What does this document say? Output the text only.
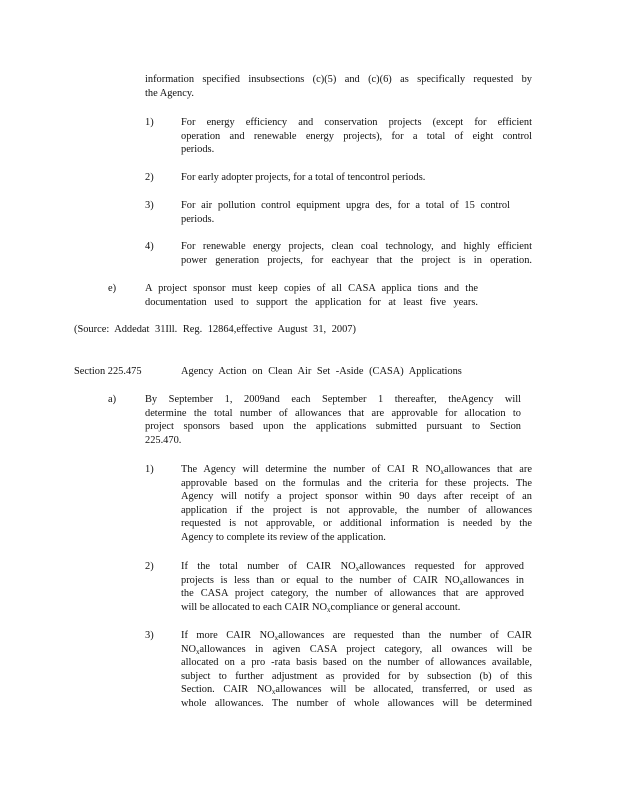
information specified insubsections (c)(5) and (c)(6) as specifically requested by
the Agency.
1)	For energy efficiency and conservation projects (except for efficient
operation and renewable energy projects), for a total of eight control
periods.
2)	For early adopter projects, for a total of tencontrol periods.
3)	For air pollution control equipment upgra des, for a total of 15 control
periods.
4)	For renewable energy projects, clean coal technology, and highly efficient
power generation projects, for eachyear that the project is in operation.
e)	A project sponsor must keep copies of all CASA applica tions and the
documentation used to support the application for at least five years.
(Source: Addedat 31Ill. Reg. 12864,effective August 31, 2007)
Section 225.475	Agency Action on Clean Air Set -Aside (CASA) Applications
a)	By September 1, 2009and each September 1 thereafter, theAgency will
determine the total number of allowances that are approvable for allocation to
project sponsors based upon the applications submitted pursuant to Section
225.470.
1)	The Agency will determine the number of CAI R $NO_xallowances$ that are
approvable based on the formulas and the criteria for these projects. The
Agency will notify a project sponsor within 90 days after receipt of an
application if the project is not approvable, the number of allowances
requested is not approvable, or additional information is needed by the
Agency to complete its review of the application.
2)	If the total number of CAIR $NO_xallowances$ requested for approved
projects is less than or equal to the number of CAIR $NO_xallowances$ in
the CASA project category, the number of allowances that are approved
will be allocated to each CAIR $NO_xcompliance$ or general account.
3)	If more CAIR $NO_xallowances$ are requested than the number of CAIR
$NO_xallowances$ in agiven CASA project category, all owances will be
allocated on a pro -rata basis based on the number of allowances available,
subject to further adjustment as provided for by subsection (b) of this
Section. CAIR $NO_xallowances$ will be allocated, transferred, or used as
whole allowances. The number of whole allowances will be determined
